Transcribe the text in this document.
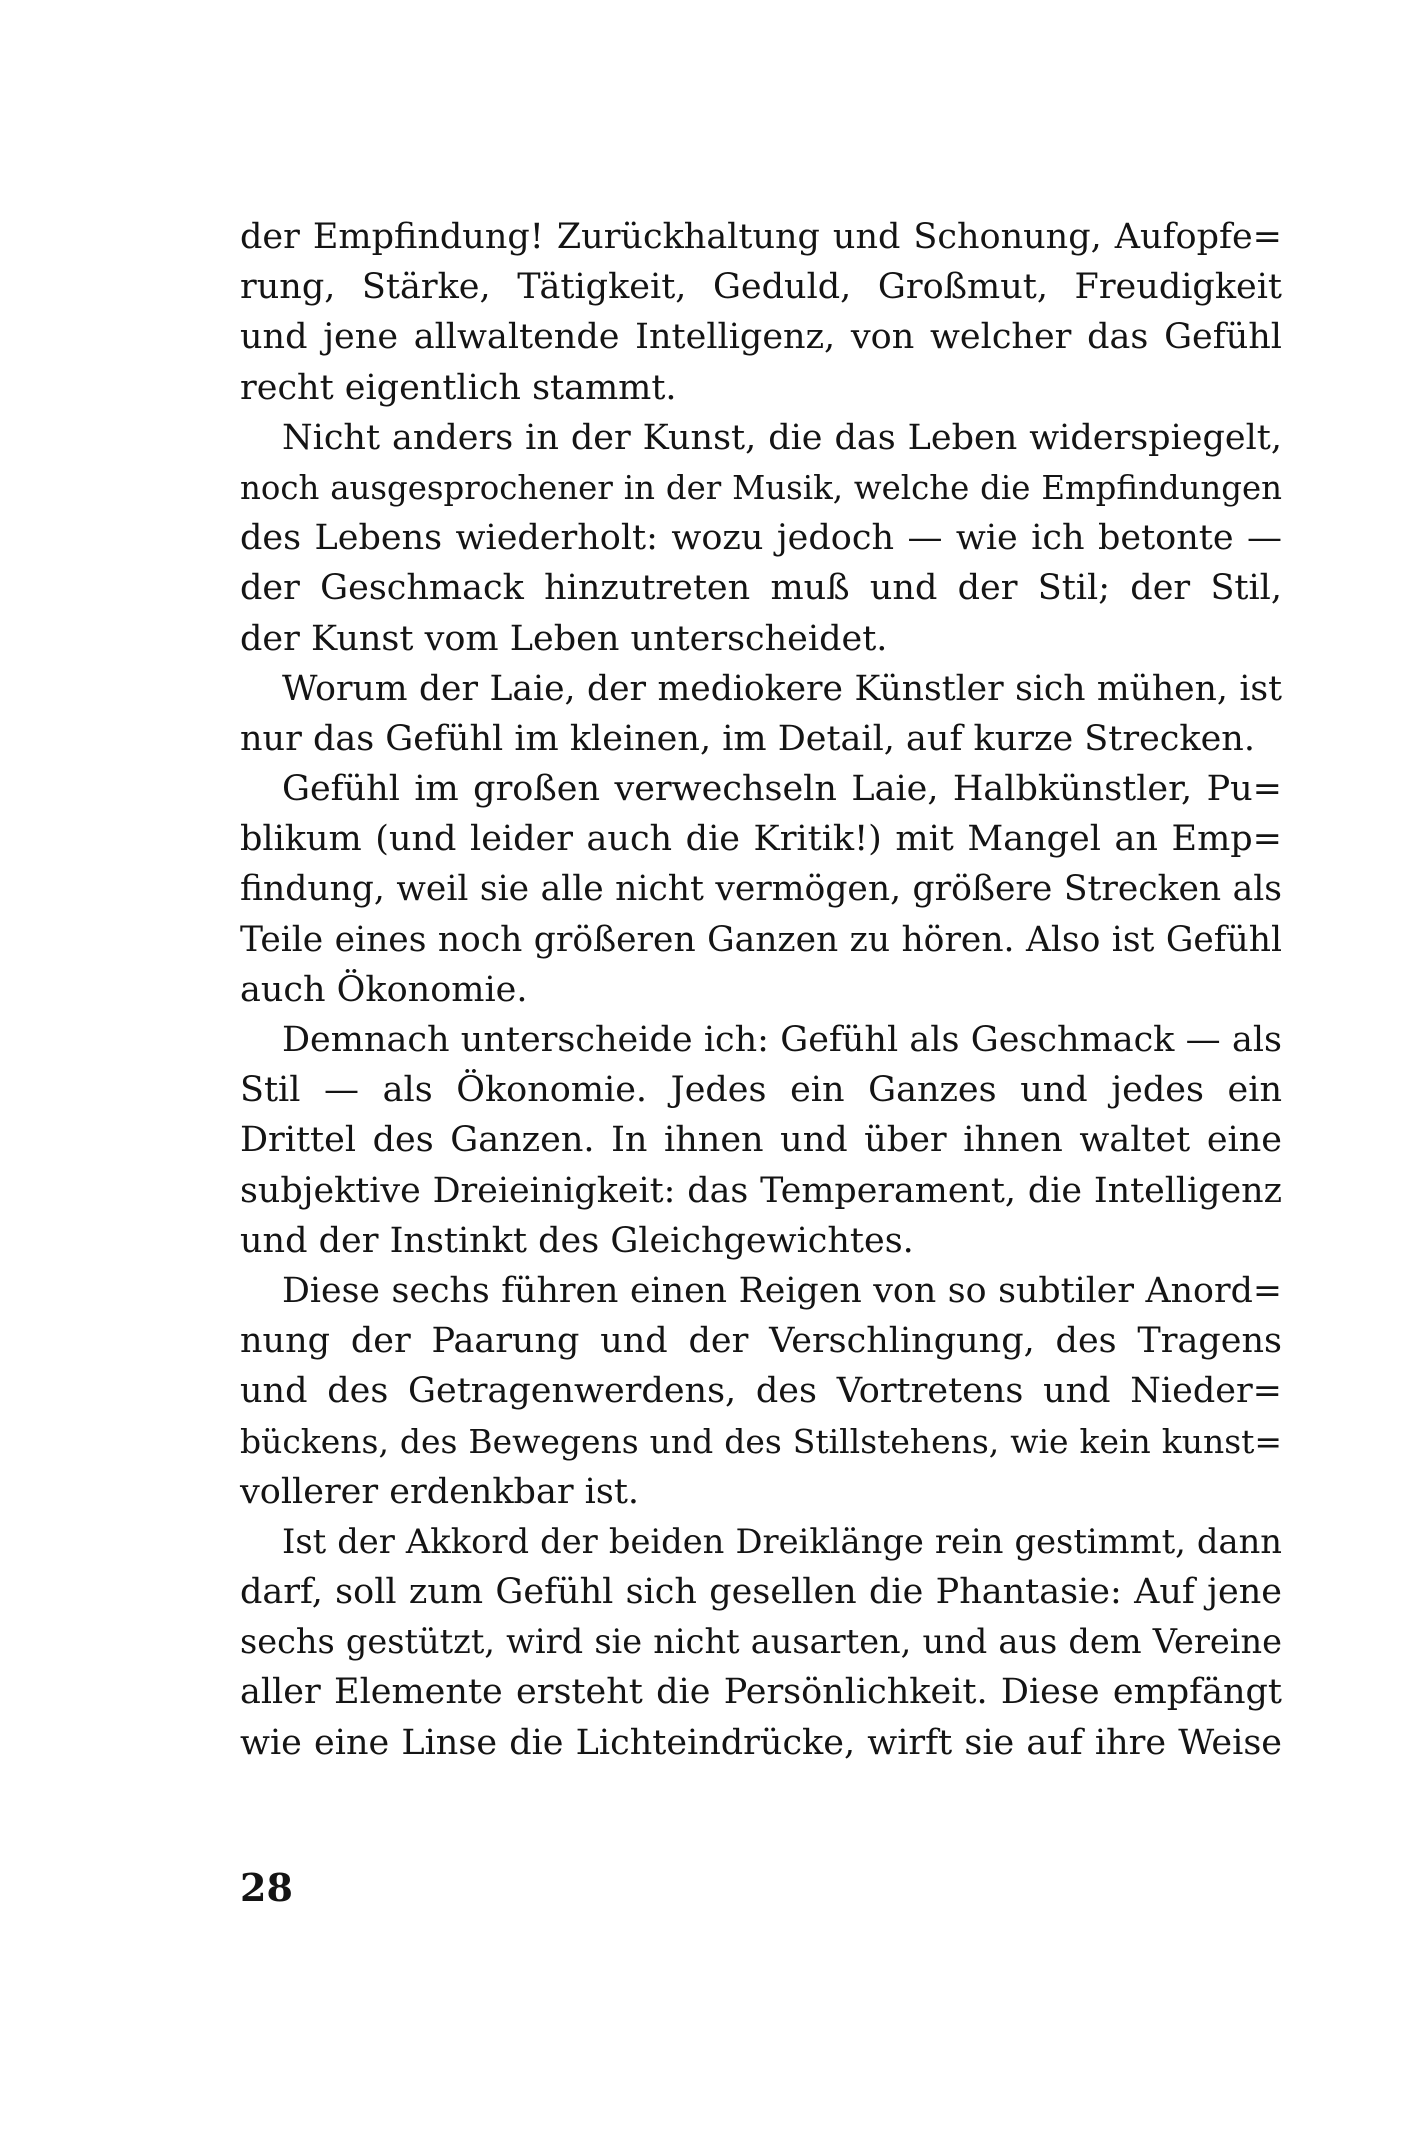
der Empfindung! Zurückhaltung und Schonung, Aufopfe=
rung, Stärke, Tätigkeit, Geduld, Großmut, Freudigkeit
und jene allwaltende Intelligenz, von welcher das Gefühl
recht eigentlich stammt.
Nicht anders in der Kunst, die das Leben widerspiegelt,
noch ausgesprochener in der Musik, welche die Empfindungen
des Lebens wiederholt: wozu jedoch — wie ich betonte —
der Geschmack hinzutreten muß und der Stil; der Stil,
der Kunst vom Leben unterscheidet.
Worum der Laie, der mediokere Künstler sich mühen, ist
nur das Gefühl im kleinen, im Detail, auf kurze Strecken.
Gefühl im großen verwechseln Laie, Halbkünstler, Pu=
blikum (und leider auch die Kritik!) mit Mangel an Emp=
findung, weil sie alle nicht vermögen, größere Strecken als
Teile eines noch größeren Ganzen zu hören. Also ist Gefühl
auch Ökonomie.
Demnach unterscheide ich: Gefühl als Geschmack — als
Stil — als Ökonomie. Jedes ein Ganzes und jedes ein
Drittel des Ganzen. In ihnen und über ihnen waltet eine
subjektive Dreieinigkeit: das Temperament, die Intelligenz
und der Instinkt des Gleichgewichtes.
Diese sechs führen einen Reigen von so subtiler Anord=
nung der Paarung und der Verschlingung, des Tragens
und des Getragenwerdens, des Vortretens und Nieder=
bückens, des Bewegens und des Stillstehens, wie kein kunst=
vollerer erdenkbar ist.
Ist der Akkord der beiden Dreiklänge rein gestimmt, dann
darf, soll zum Gefühl sich gesellen die Phantasie: Auf jene
sechs gestützt, wird sie nicht ausarten, und aus dem Vereine
aller Elemente ersteht die Persönlichkeit. Diese empfängt
wie eine Linse die Lichteindrücke, wirft sie auf ihre Weise
28
